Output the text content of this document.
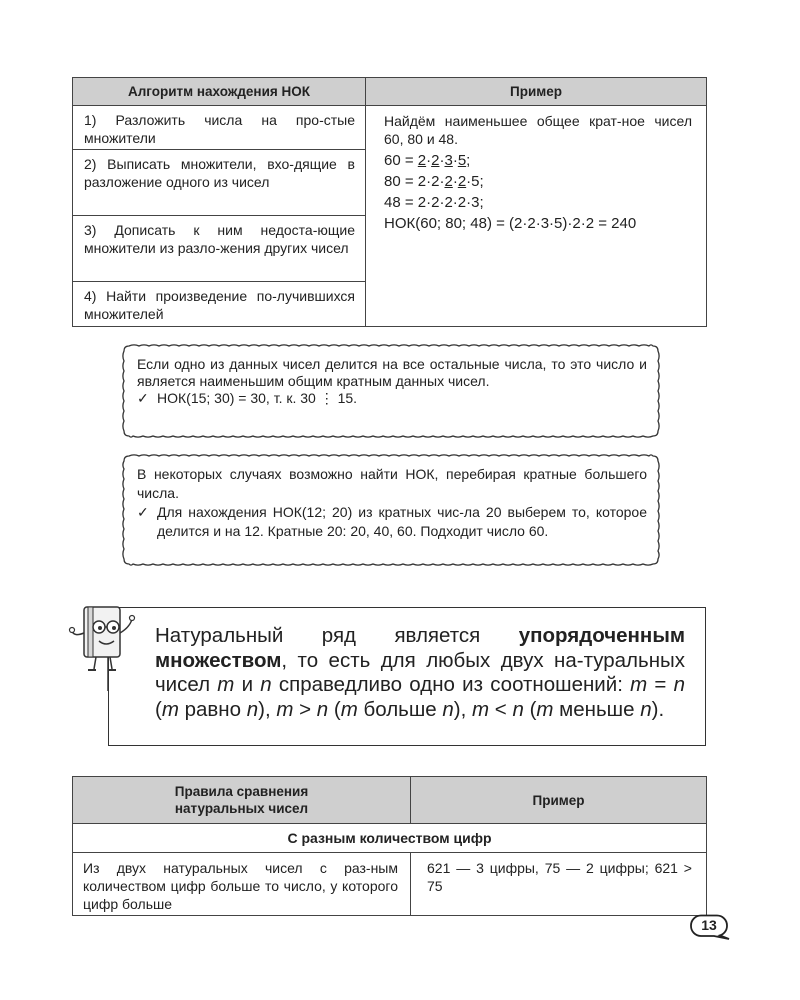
Алгоритм нахождения НОК	Пример
1) Разложить числа на про-стые множители
2) Выписать множители, вхо-дящие в разложение одного из чисел
3) Дописать к ним недоста-ющие множители из разло-жения других чисел
4) Найти произведение по-лучившихся множителей

Найдём наименьшее общее крат-ное чисел 60, 80 и 48.

60 = 2·2·3·5;

80 = 2·2·2·2·5;

48 = 2·2·2·2·3;

НОК(60; 80; 48) = (2·2·3·5)·2·2 = 240

Если одно из данных чисел делится на все остальные числа, то это число и является наименьшим общим кратным данных чисел.

✓ НОК(15; 30) = 30, т. к. 30 ⋮ 15.

В некоторых случаях возможно найти НОК, перебирая кратные большего числа.

✓ Для нахождения НОК(12; 20) из кратных чис-ла 20 выберем то, которое делится и на 12. Кратные 20: 20, 40, 60. Подходит число 60.
Натуральный ряд является упорядоченным множеством, то есть для любых двух на-туральных чисел m и n справедливо одно из соотношений: m = n (m равно n), m > n (m больше n), m < n (m меньше n).
Правила сравнения натуральных чисел
Пример
С разным количеством цифр
Из двух натуральных чисел с раз-ным количеством цифр больше то число, у которого цифр больше
621 — 3 цифры, 75 — 2 цифры; 621 > 75
13
